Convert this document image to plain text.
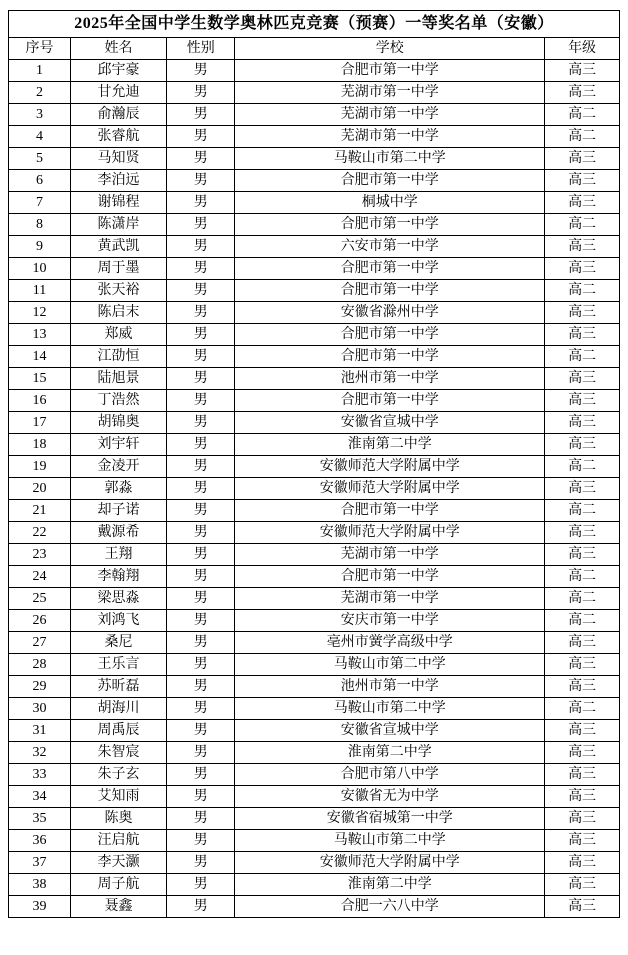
2025年全国中学生数学奥林匹克竞赛（预赛）一等奖名单（安徽）				
序号	姓名	性别	学校	年级
1	邱宇豪	男	合肥市第一中学	高三
2	甘允迪	男	芜湖市第一中学	高三
3	俞瀚辰	男	芜湖市第一中学	高二
4	张睿航	男	芜湖市第一中学	高二
5	马知贤	男	马鞍山市第二中学	高三
6	李泊远	男	合肥市第一中学	高三
7	谢锦程	男	桐城中学	高三
8	陈潇岸	男	合肥市第一中学	高二
9	黄武凯	男	六安市第一中学	高三
10	周于墨	男	合肥市第一中学	高三
11	张天裕	男	合肥市第一中学	高二
12	陈启末	男	安徽省滁州中学	高三
13	郑威	男	合肥市第一中学	高三
14	江劭恒	男	合肥市第一中学	高二
15	陆旭景	男	池州市第一中学	高三
16	丁浩然	男	合肥市第一中学	高三
17	胡锦奥	男	安徽省宣城中学	高三
18	刘宇轩	男	淮南第二中学	高三
19	金凌开	男	安徽师范大学附属中学	高二
20	郭淼	男	安徽师范大学附属中学	高三
21	却子诺	男	合肥市第一中学	高二
22	戴源希	男	安徽师范大学附属中学	高三
23	王翔	男	芜湖市第一中学	高三
24	李翰翔	男	合肥市第一中学	高二
25	梁思淼	男	芜湖市第一中学	高二
26	刘鸿飞	男	安庆市第一中学	高二
27	桑尼	男	亳州市黉学高级中学	高三
28	王乐言	男	马鞍山市第二中学	高三
29	苏昕磊	男	池州市第一中学	高三
30	胡海川	男	马鞍山市第二中学	高二
31	周禹辰	男	安徽省宣城中学	高三
32	朱智宸	男	淮南第二中学	高三
33	朱子玄	男	合肥市第八中学	高三
34	艾知雨	男	安徽省无为中学	高三
35	陈奥	男	安徽省宿城第一中学	高三
36	汪启航	男	马鞍山市第二中学	高三
37	李天灏	男	安徽师范大学附属中学	高三
38	周子航	男	淮南第二中学	高三
39	聂鑫	男	合肥一六八中学	高三
